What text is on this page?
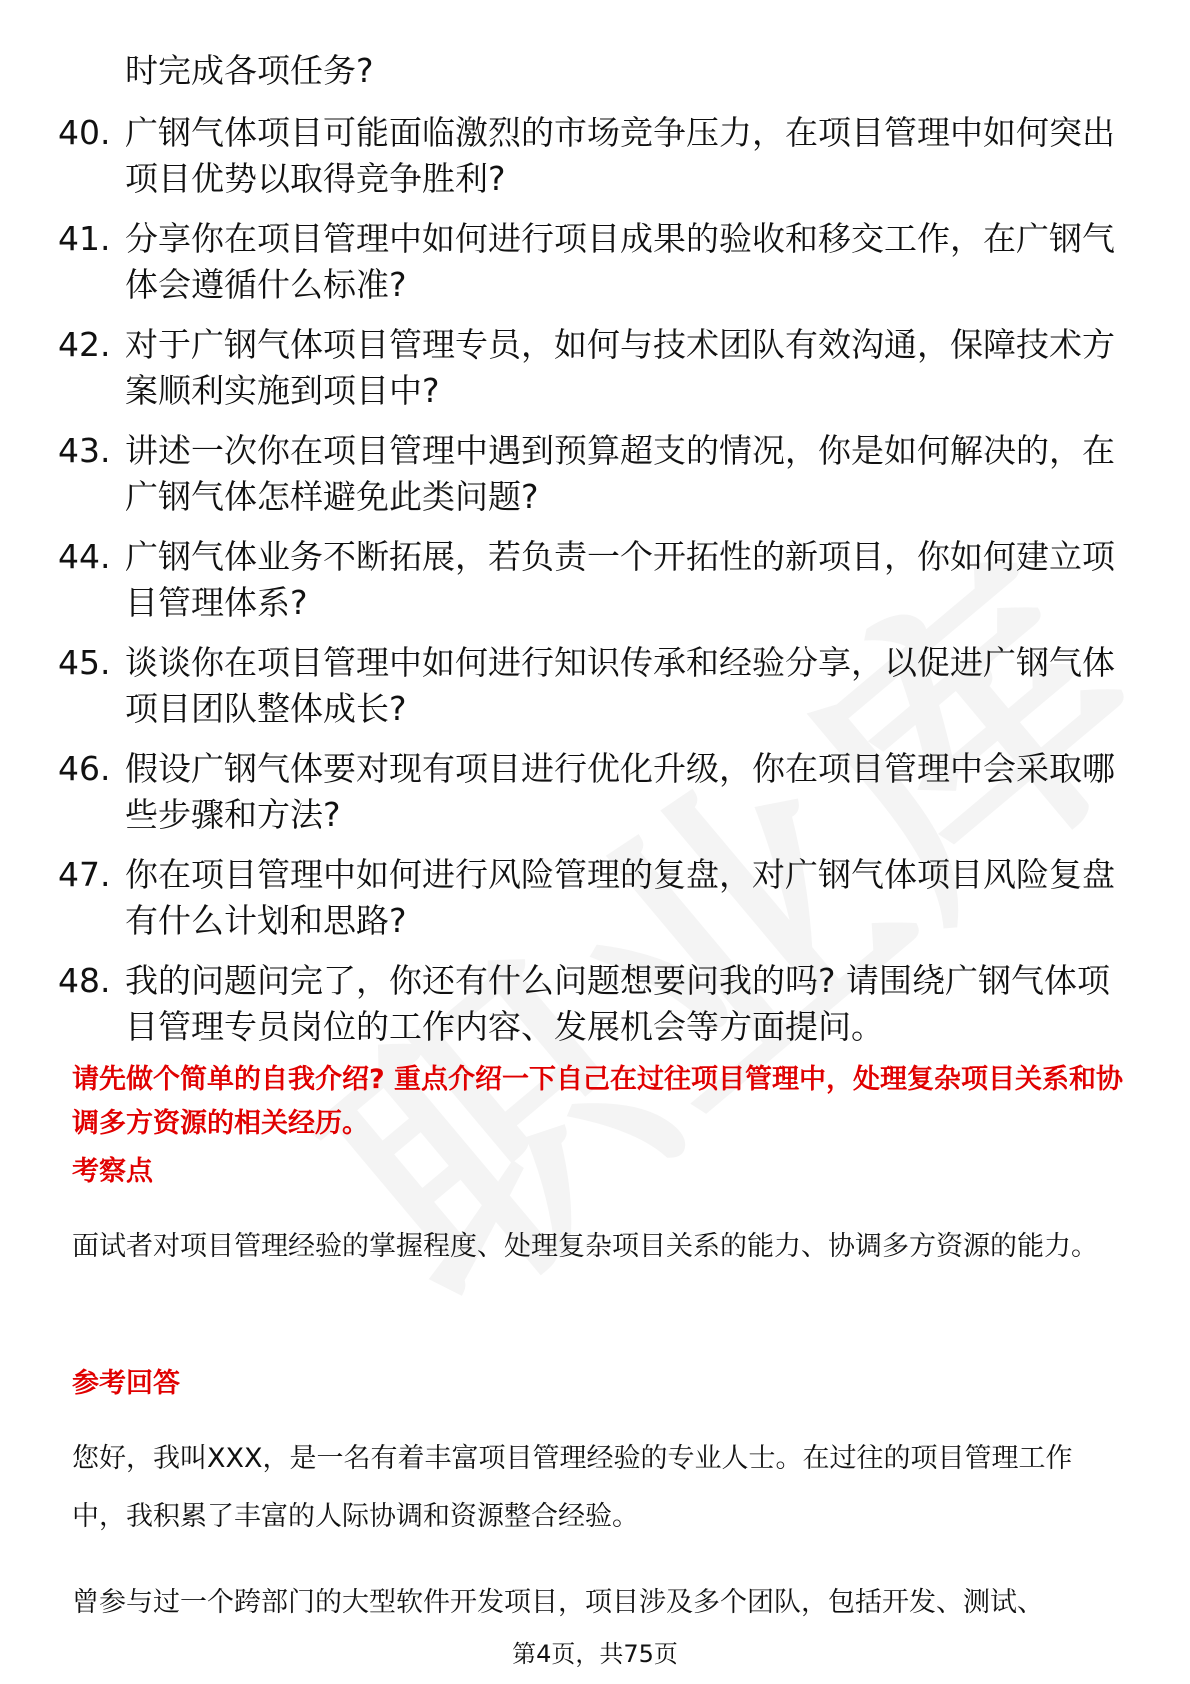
时完成各项任务?
40. 广钢气体项目可能面临激烈的市场竞争压力，在项目管理中如何突出项目优势以取得竞争胜利?
41. 分享你在项目管理中如何进行项目成果的验收和移交工作，在广钢气体会遵循什么标准?
42. 对于广钢气体项目管理专员，如何与技术团队有效沟通，保障技术方案顺利实施到项目中?
43. 讲述一次你在项目管理中遇到预算超支的情况，你是如何解决的，在广钢气体怎样避免此类问题?
44. 广钢气体业务不断拓展，若负责一个开拓性的新项目，你如何建立项目管理体系?
45. 谈谈你在项目管理中如何进行知识传承和经验分享，以促进广钢气体项目团队整体成长?
46. 假设广钢气体要对现有项目进行优化升级，你在项目管理中会采取哪些步骤和方法?
47. 你在项目管理中如何进行风险管理的复盘，对广钢气体项目风险复盘有什么计划和思路?
48. 我的问题问完了，你还有什么问题想要问我的吗? 请围绕广钢气体项目管理专员岗位的工作内容、发展机会等方面提问。
请先做个简单的自我介绍? 重点介绍一下自己在过往项目管理中，处理复杂项目关系和协调多方资源的相关经历。
考察点
面试者对项目管理经验的掌握程度、处理复杂项目关系的能力、协调多方资源的能力。
参考回答
您好，我叫XXX，是一名有着丰富项目管理经验的专业人士。在过往的项目管理工作中，我积累了丰富的人际协调和资源整合经验。
曾参与过一个跨部门的大型软件开发项目，项目涉及多个团队，包括开发、测试、
第4页，共75页
